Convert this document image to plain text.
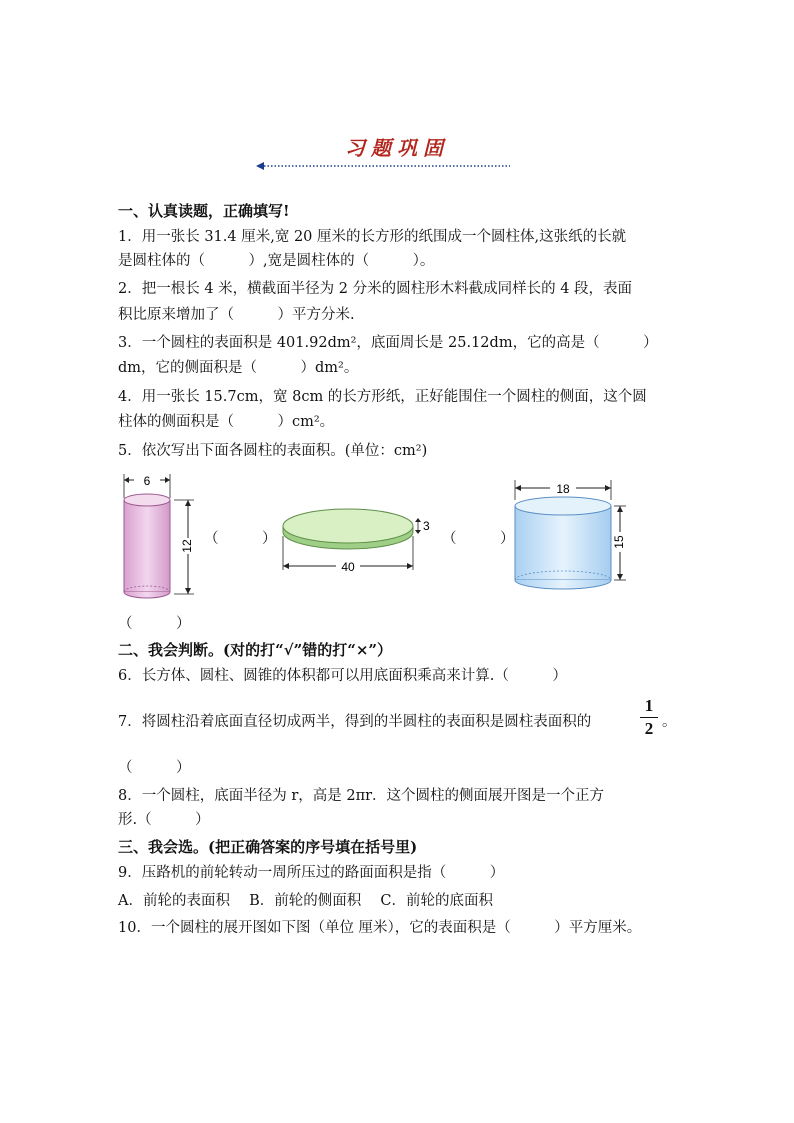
习题巩固
一、认真读题，正确填写!
1．用一张长 31.4 厘米,宽 20 厘米的长方形的纸围成一个圆柱体,这张纸的长就
是圆柱体的（　　　）,宽是圆柱体的（　　　）。
2．把一根长 4 米，横截面半径为 2 分米的圆柱形木料截成同样长的 4 段，表面
积比原来增加了（　　　）平方分米.
3．一个圆柱的表面积是 401.92dm²，底面周长是 25.12dm，它的高是（　　　）
dm，它的侧面积是（　　　）dm²。
4．用一张长 15.7cm，宽 8cm 的长方形纸，正好能围住一个圆柱的侧面，这个圆
柱体的侧面积是（　　　）cm²。
5．依次写出下面各圆柱的表面积。(单位：cm²)
6
12 （　　　）
（　　　）
3
40
（　　　）
18
15
二、我会判断。(对的打“√”错的打“×”）
6．长方体、圆柱、圆锥的体积都可以用底面积乘高来计算.（　　　）
7．将圆柱沿着底面直径切成两半，得到的半圆柱的表面积是圆柱表面积的
1
2 。
（　　　）
8．一个圆柱，底面半径为 r，高是 2πr．这个圆柱的侧面展开图是一个正方
形.（　　　）
三、我会选。(把正确答案的序号填在括号里)
9．压路机的前轮转动一周所压过的路面面积是指（　　　）
A．前轮的表面积　 B．前轮的侧面积　 C．前轮的底面积
10．一个圆柱的展开图如下图（单位 厘米），它的表面积是（　　　）平方厘米。
